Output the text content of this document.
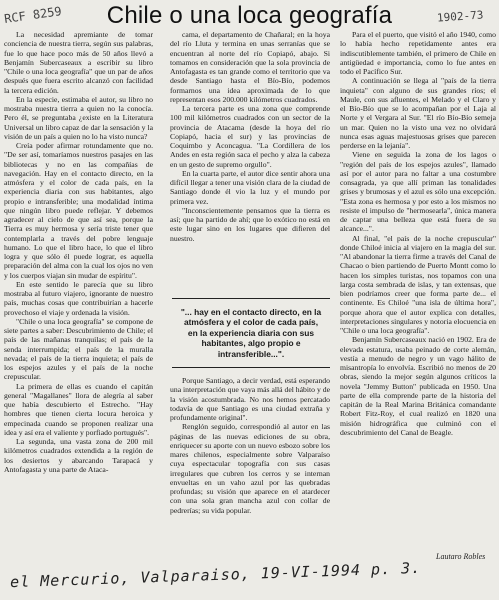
RCF 8259	Chile o una loca geografía	1902-73

La necesidad apremiante de tomar conciencia de nuestra tierra, según sus palabras, fue lo que hace poco más de 50 años llevó a Benjamín Subercaseaux a escribir su libro "Chile o una loca geografía" que un par de años después que fuera escrito alcanzó con facilidad la tercera edición.

En la especie, estimaba el autor, su libro no mostraba nuestra tierra a quien no la conocía. Pero él, se preguntaba ¿existe en la Literatura Universal un libro capaz de dar la sensación y la visión de un país a quien no lo ha visto nunca?

Creía poder afirmar rotundamente que no. "De ser así, tomaríamos nuestros pasajes en las bibliotecas y no en las compañías de navegación. Hay en el contacto directo, en la atmósfera y el color de cada país, en la experiencia diaria con sus habitantes, algo propio e intransferible; una modalidad íntima que ningún libro puede reflejar. Y debemos agradecer al cielo de que así sea, porque la Tierra es muy hermosa y sería triste tener que contemplarla a través del pobre lenguaje humano. Lo que el libro hace, lo que el libro logra y que sólo él puede lograr, es aquella preparación del alma con la cual los ojos no ven y los cuerpos viajan sin mudar de espíritu".

En este sentido le parecía que su libro mostraba al futuro viajero, ignorante de nuestro país, muchas cosas que contribuirían a hacerle provechoso el viaje y ordenada la visión.

"Chile o una loca geografía" se compone de siete partes a saber: Descubrimiento de Chile; el país de las mañanas tranquilas; el país de la senda interrumpida; el país de la muralla nevada; el país de la tierra inquieta; el país de los espejos azules y el país de la noche crepuscular.

La primera de ellas es cuando el capitán general "Magallanes" llora de alegría al saber que había descubierto el Estrecho. "Hay hombres que tienen cierta locura heroica y empecinada cuando se proponen realizar una idea y así era el valiente y porfiado portugués".

La segunda, una vasta zona de 200 mil kilómetros cuadrados extendida a la región de los desiertos y abarcando Tarapacá y Antofagasta y una parte de Ataca-

cama, el departamento de Chañaral; en la hoya del río Lluta y termina en unas serranías que se encuentran al norte del río Copiapó, abajo. Si tomamos en consideración que la sola provincia de Antofagasta es tan grande como el territorio que va desde Santiago hasta el Bío-Bío, podemos formarnos una idea aproximada de lo que representan esos 200.000 kilómetros cuadrados.

La tercera parte es una zona que comprende 100 mil kilómetros cuadrados con un sector de la provincia de Atacama (desde la hoya del río Copiapó, hacia el sur) y las provincias de Coquimbo y Aconcagua. "La Cordillera de los Andes en esta región saca el pecho y alza la cabeza en un gesto de supremo orgullo".

En la cuarta parte, el autor dice sentir ahora una difícil llegar a tener una visión clara de la ciudad de Santiago donde él vio la luz y el mundo por primera vez.

"Inconscientemente pensamos que la tierra es así; que ha partido de ahí; que lo exótico no está en este lugar sino en los lugares que difieren del nuestro.

"... hay en el contacto directo, en la atmósfera y el color de cada país, en la experiencia diaria con sus habitantes, algo propio e intransferible...".

Porque Santiago, a decir verdad, está esperando una interpretación que vaya más allá del hábito y de la visión acostumbrada. No nos hemos percatado todavía de que Santiago es una ciudad extraña y profundamente original".

Renglón seguido, correspondió al autor en las páginas de las nuevas ediciones de su obra, enriquecer su aporte con un nuevo esbozo sobre los mares chilenos, especialmente sobre Valparaíso cuya espectacular topografía con sus casas irregulares que cubren los cerros y se internan envueltas en un vaho azul por las quebradas profundas; su visión que aparece en el atardecer con una sola gran mancha azul con collar de pedrerías; su vida popular.

Para el el puerto, que visitó el año 1940, como lo había hecho repetidamente antes era indiscutiblemente también, el primero de Chile en antigüedad e importancia, como lo fue antes en todo el Pacífico Sur.

A continuación se llega al "país de la tierra inquieta" con alguno de sus grandes ríos; el Maule, con sus afluentes, el Melado y el Claro y el Bío-Bío que se lo acompañan por el Laja al Norte y el Vergara al Sur. "El río Bío-Bío semeja un mar. Quien no la visto una vez no olvidará nunca esas aguas majestuosas grises que parecen perderse en la lejanía".

Viene en seguida la zona de los lagos o "región del país de los espejos azules", llamado así por el autor para no faltar a una costumbre consagrada, ya que allí priman las tonalidades grises y brumosas y el azul es sólo una excepción. "Esta zona es hermosa y por esto a los mismos no resiste el impulso de "hermosearla", única manera de captar una belleza que está fuera de su alcance...".

Al final, "el país de la noche crepuscular" donde Chiloé inicia al viajero en la magia del sur. "Al abandonar la tierra firme a través del Canal de Chacao o bien partiendo de Puerto Montt como lo hacen los simples turistas, nos topamos con una larga costa sembrada de islas, y tan extensas, que bien podríamos creer que forma parte de... el continente. Es Chiloé "una isla de última hora", porque ahora que el autor explica con detalles, interpretaciones singulares y notoria elocuencia en "Chile o una loca geografía".

Benjamín Subercaseaux nació en 1902. Era de elevada estatura, usaba peinado de corte alemán, vestía a menudo de negro y un vago hálito de misantropía lo envolvía. Escribió no menos de 20 obras, siendo la mejor según algunos críticos la novela "Jemmy Button" publicada en 1950. Una parte de ella comprende parte de la historia del capitán de la Real Marina Británica comandante Robert Fitz-Roy, el cual realizó en 1820 una misión hidrográfica que culminó con el descubrimiento del Canal de Beagle.

Lautaro Robles
el Mercurio, Valparaiso, 19-VI-1994 p. 3.
